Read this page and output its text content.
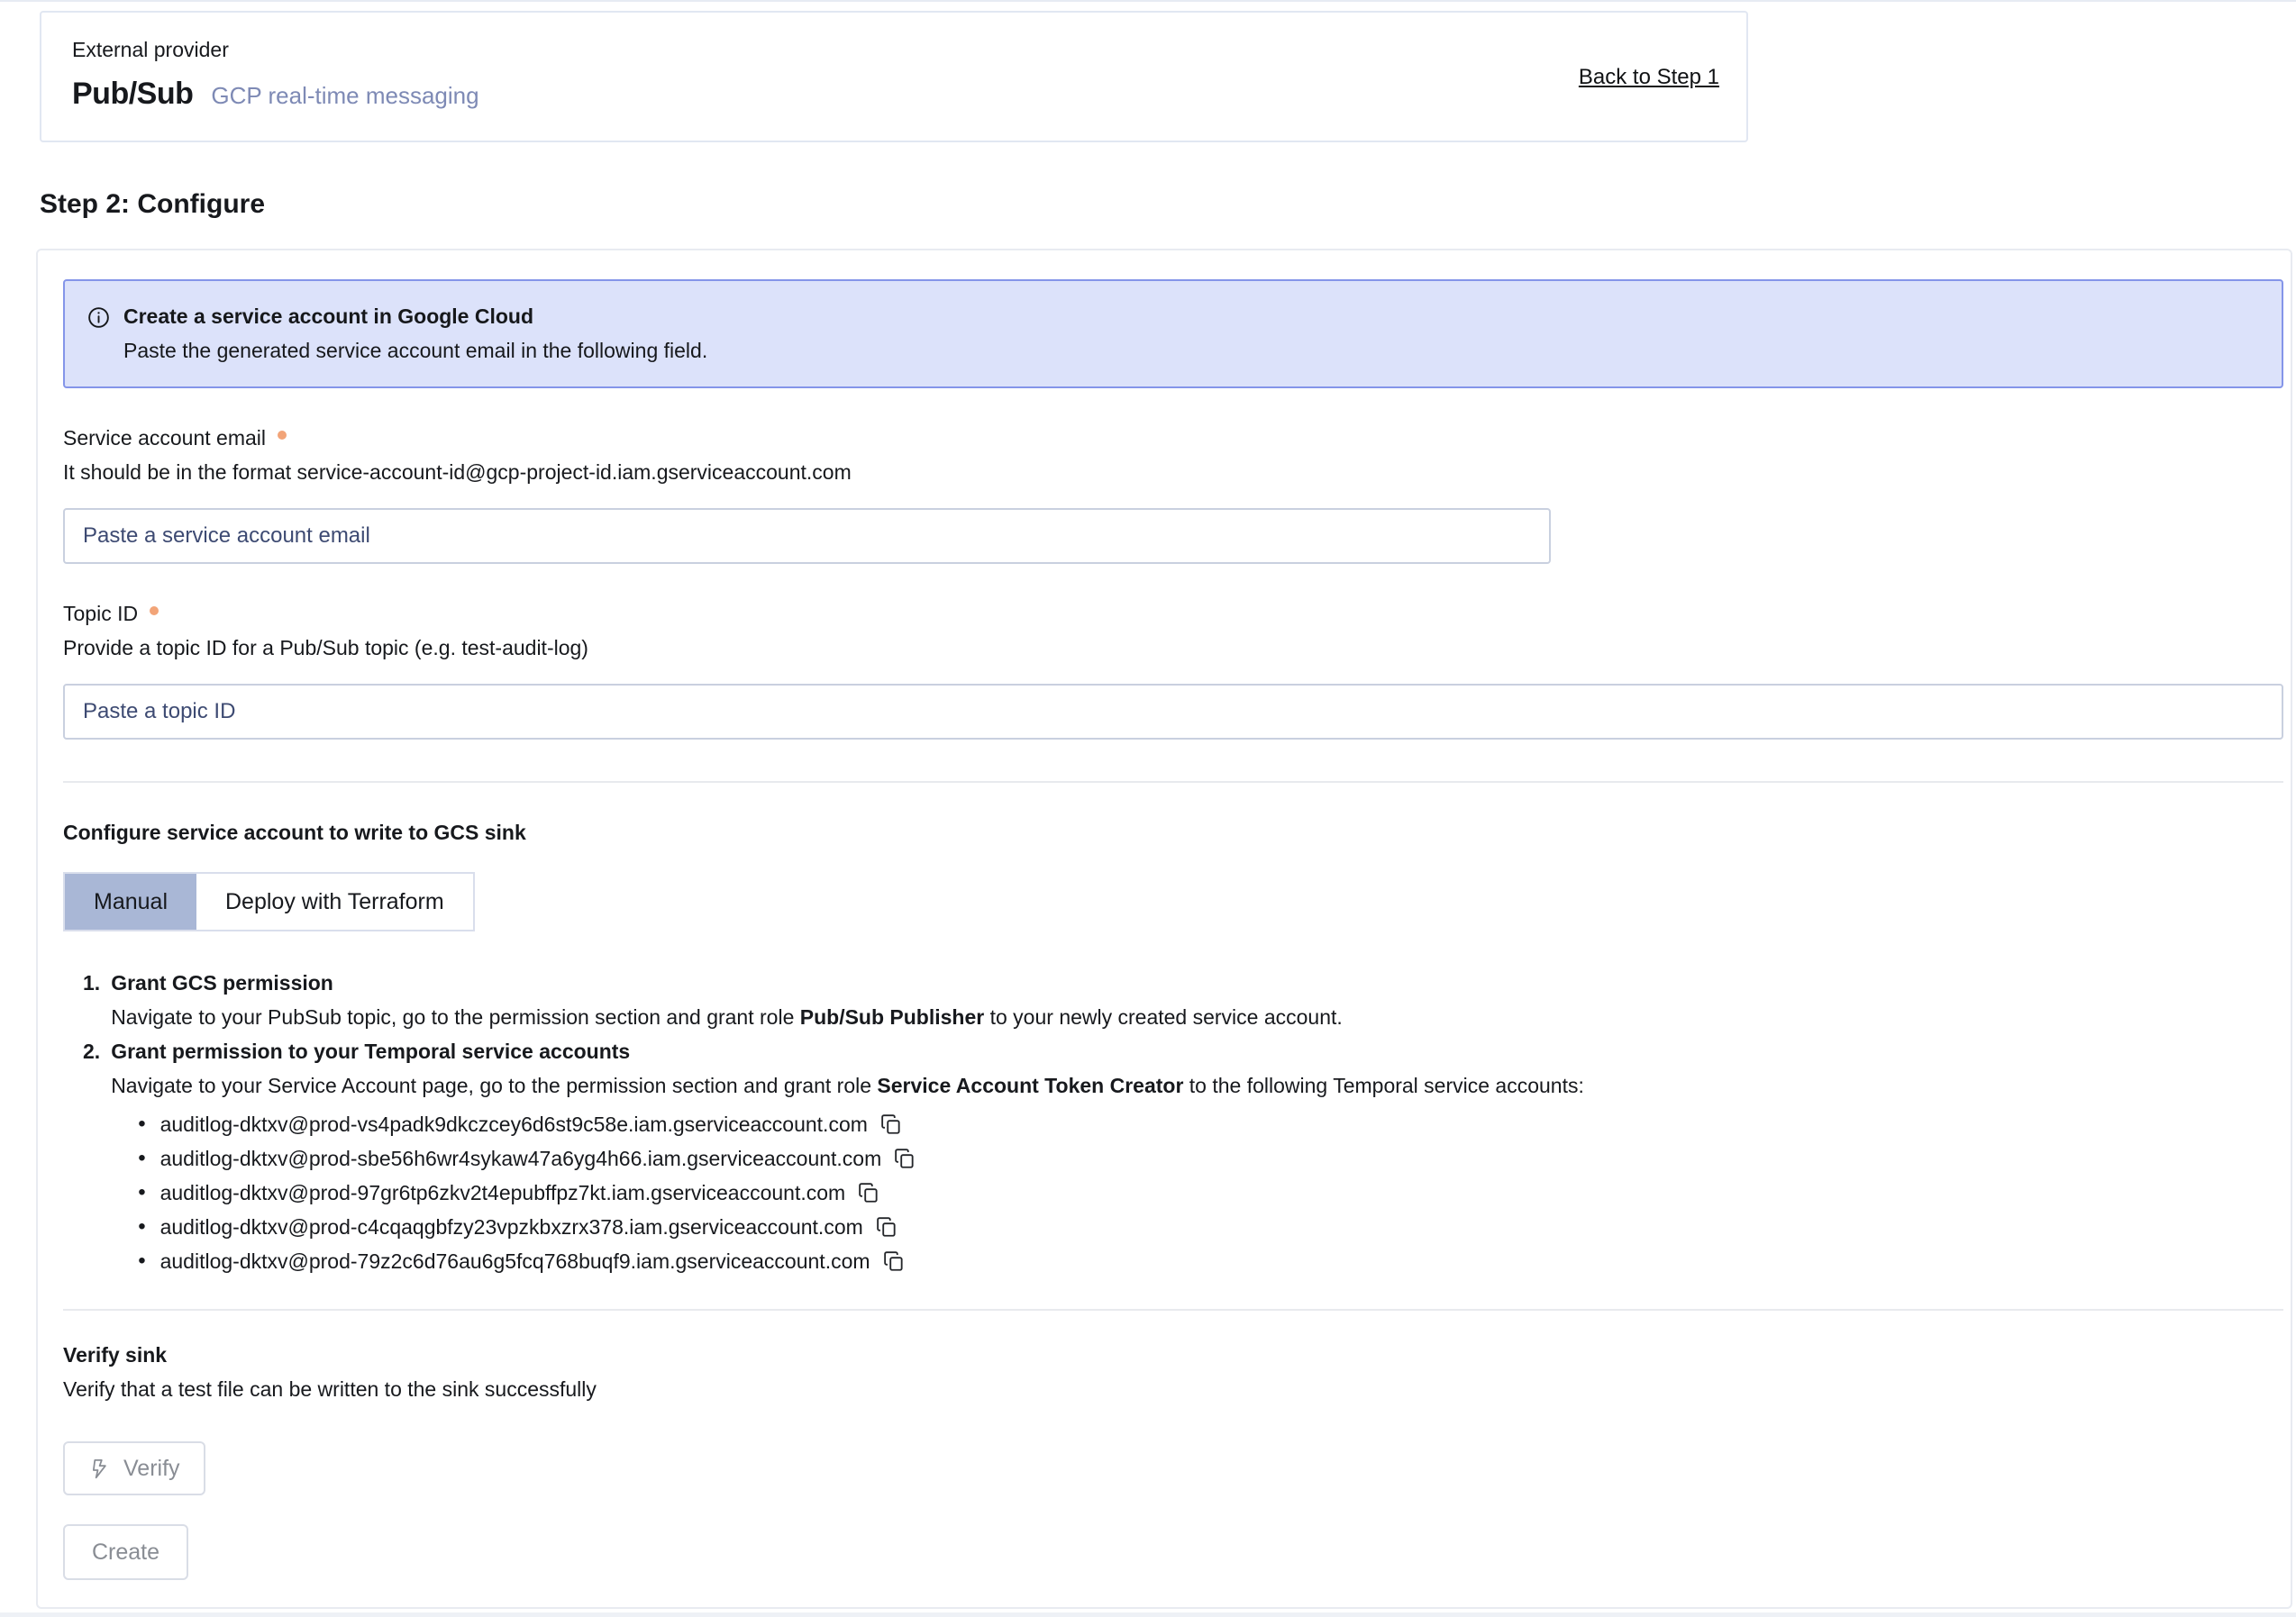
External provider
Pub/Sub GCP real-time messaging
Back to Step 1
Step 2: Configure
Create a service account in Google Cloud
Paste the generated service account email in the following field.
Service account email
It should be in the format service-account-id@gcp-project-id.iam.gserviceaccount.com
Paste a service account email
Topic ID
Provide a topic ID for a Pub/Sub topic (e.g. test-audit-log)
Paste a topic ID
Configure service account to write to GCS sink
Manual	Deploy with Terraform
1. Grant GCS permission
Navigate to your PubSub topic, go to the permission section and grant role Pub/Sub Publisher to your newly created service account.
2. Grant permission to your Temporal service accounts
Navigate to your Service Account page, go to the permission section and grant role Service Account Token Creator to the following Temporal service accounts:
• auditlog-dktxv@prod-vs4padk9dkczcey6d6st9c58e.iam.gserviceaccount.com
• auditlog-dktxv@prod-sbe56h6wr4sykaw47a6yg4h66.iam.gserviceaccount.com
• auditlog-dktxv@prod-97gr6tp6zkv2t4epubffpz7kt.iam.gserviceaccount.com
• auditlog-dktxv@prod-c4cqaqgbfzy23vpzkbxzrx378.iam.gserviceaccount.com
• auditlog-dktxv@prod-79z2c6d76au6g5fcq768buqf9.iam.gserviceaccount.com
Verify sink
Verify that a test file can be written to the sink successfully
Verify
Create
